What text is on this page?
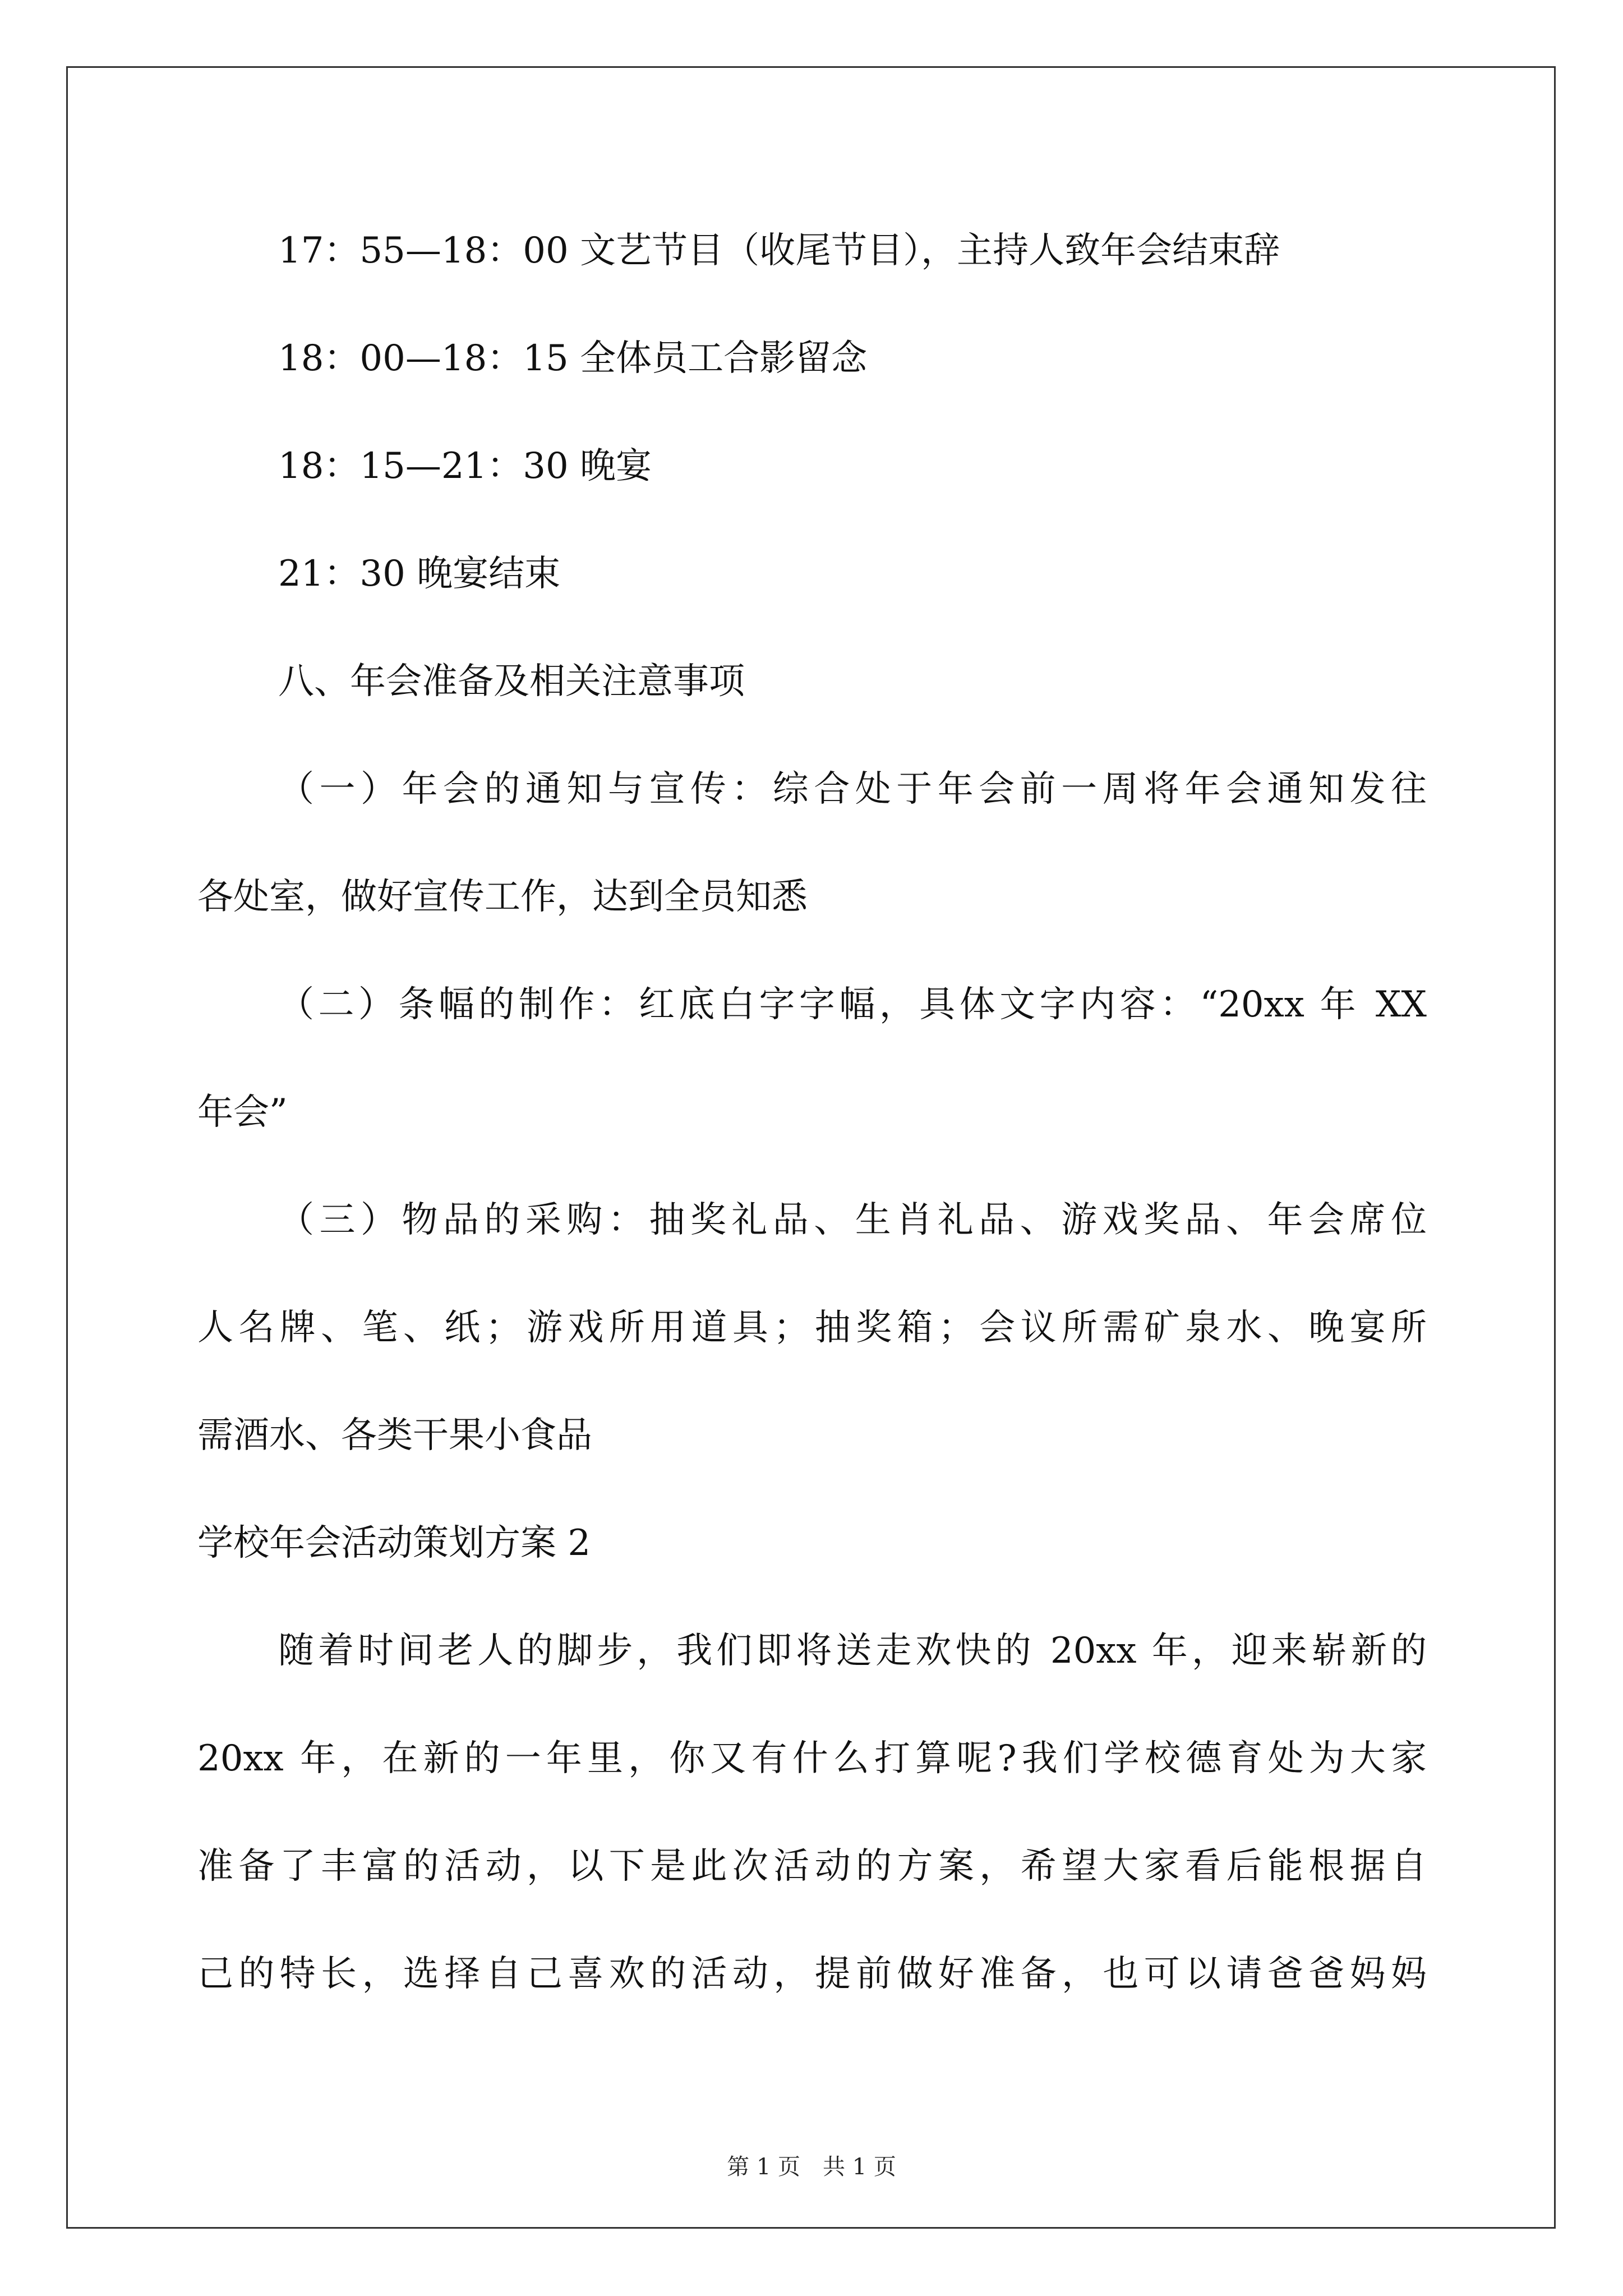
17：55—18：00 文艺节目（收尾节目），主持人致年会结束辞
18：00—18：15 全体员工合影留念
18：15—21：30 晚宴
21：30 晚宴结束
八、年会准备及相关注意事项
（一）年会的通知与宣传：综合处于年会前一周将年会通知发往
各处室，做好宣传工作，达到全员知悉
（二）条幅的制作：红底白字字幅，具体文字内容：“20xx 年 XX
年会”
（三）物品的采购：抽奖礼品、生肖礼品、游戏奖品、年会席位
人名牌、笔、纸；游戏所用道具；抽奖箱；会议所需矿泉水、晚宴所
需酒水、各类干果小食品
学校年会活动策划方案 2
随着时间老人的脚步，我们即将送走欢快的 20xx 年，迎来崭新的
20xx 年，在新的一年里，你又有什么打算呢?我们学校德育处为大家
准备了丰富的活动，以下是此次活动的方案，希望大家看后能根据自
己的特长，选择自己喜欢的活动，提前做好准备，也可以请爸爸妈妈
第 1 页　共 1 页
